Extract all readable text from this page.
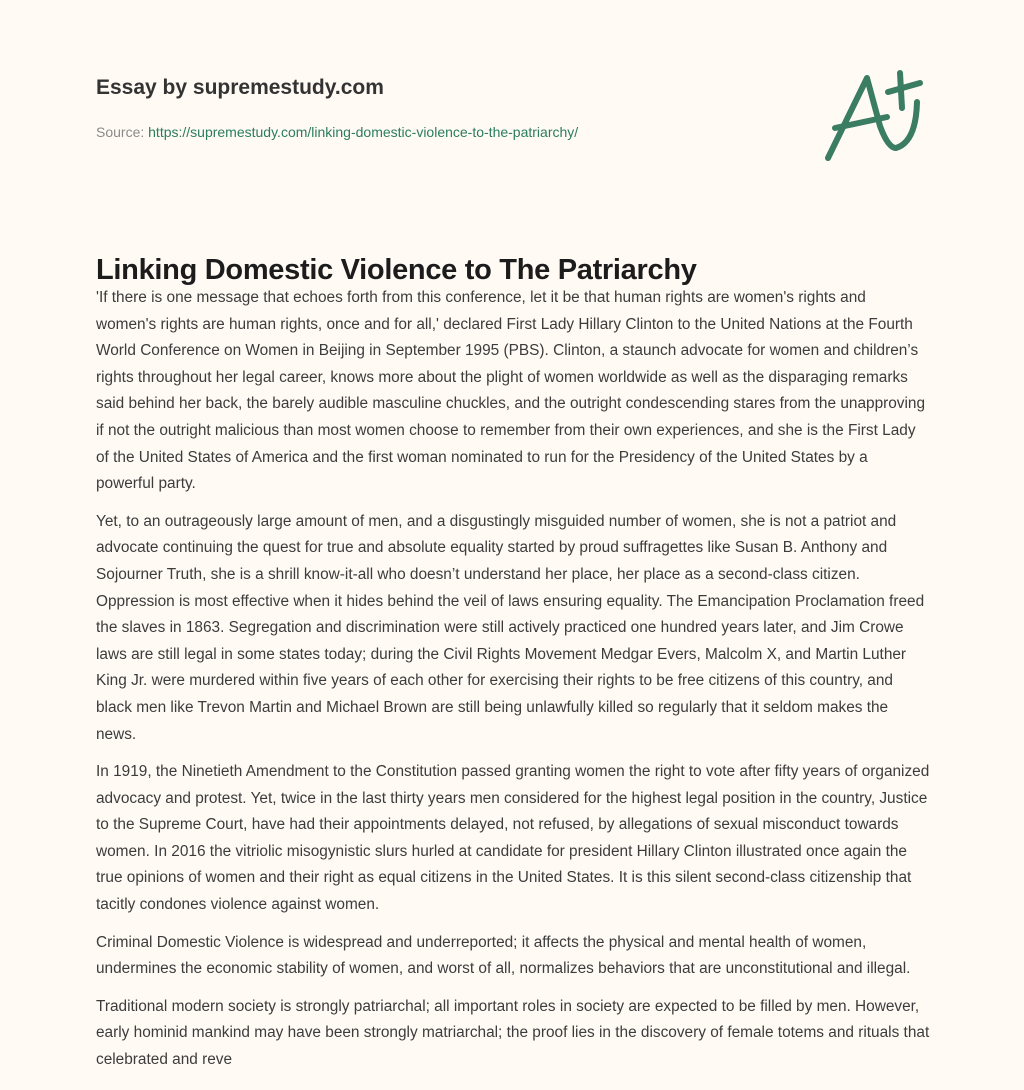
Essay by supremestudy.com
Source: https://supremestudy.com/linking-domestic-violence-to-the-patriarchy/
Linking Domestic Violence to The Patriarchy

'If there is one message that echoes forth from this conference, let it be that human rights are women's rights and women's rights are human rights, once and for all,' declared First Lady Hillary Clinton to the United Nations at the Fourth World Conference on Women in Beijing in September 1995 (PBS). Clinton, a staunch advocate for women and children’s rights throughout her legal career, knows more about the plight of women worldwide as well as the disparaging remarks said behind her back, the barely audible masculine chuckles, and the outright condescending stares from the unapproving if not the outright malicious than most women choose to remember from their own experiences, and she is the First Lady of the United States of America and the first woman nominated to run for the Presidency of the United States by a powerful party.

Yet, to an outrageously large amount of men, and a disgustingly misguided number of women, she is not a patriot and advocate continuing the quest for true and absolute equality started by proud suffragettes like Susan B. Anthony and Sojourner Truth, she is a shrill know-it-all who doesn’t understand her place, her place as a second-class citizen. Oppression is most effective when it hides behind the veil of laws ensuring equality. The Emancipation Proclamation freed the slaves in 1863. Segregation and discrimination were still actively practiced one hundred years later, and Jim Crowe laws are still legal in some states today; during the Civil Rights Movement Medgar Evers, Malcolm X, and Martin Luther King Jr. were murdered within five years of each other for exercising their rights to be free citizens of this country, and black men like Trevon Martin and Michael Brown are still being unlawfully killed so regularly that it seldom makes the news.

In 1919, the Ninetieth Amendment to the Constitution passed granting women the right to vote after fifty years of organized advocacy and protest. Yet, twice in the last thirty years men considered for the highest legal position in the country, Justice to the Supreme Court, have had their appointments delayed, not refused, by allegations of sexual misconduct towards women. In 2016 the vitriolic misogynistic slurs hurled at candidate for president Hillary Clinton illustrated once again the true opinions of women and their right as equal citizens in the United States. It is this silent second-class citizenship that tacitly condones violence against women.

Criminal Domestic Violence is widespread and underreported; it affects the physical and mental health of women, undermines the economic stability of women, and worst of all, normalizes behaviors that are unconstitutional and illegal.

Traditional modern society is strongly patriarchal; all important roles in society are expected to be filled by men. However, early hominid mankind may have been strongly matriarchal; the proof lies in the discovery of female totems and rituals that celebrated and reve
